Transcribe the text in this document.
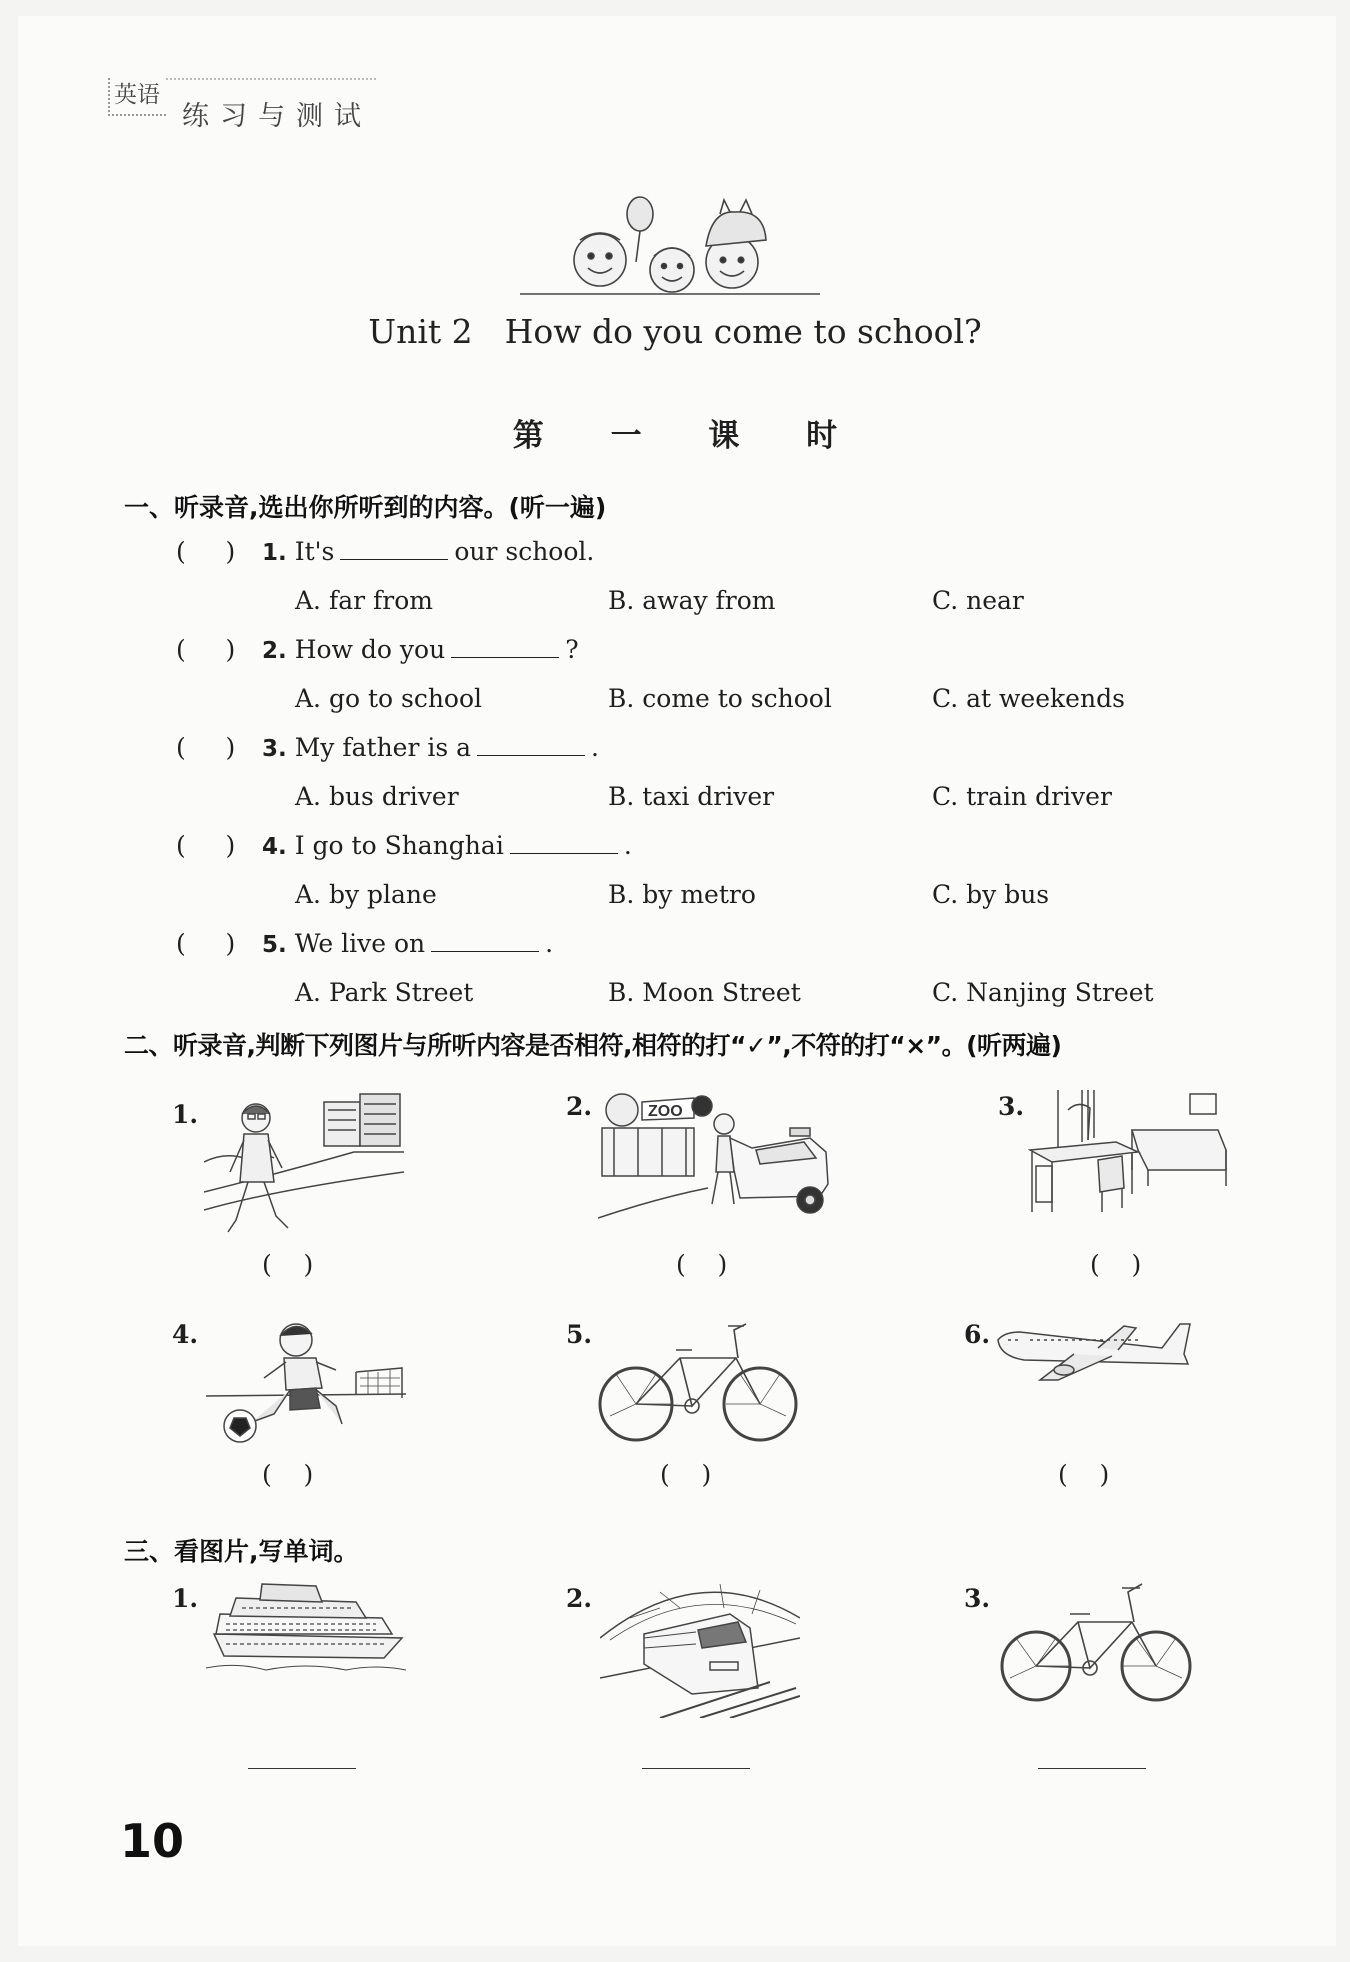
英语
练习与测试
Unit 2 How do you come to school?
第 一 课 时
一、听录音,选出你所听到的内容。(听一遍)
(     ) 1. It's	our school.
A. far from	B. away from	C. near
(     ) 2. How do you	?
A. go to school	B. come to school	C. at weekends
(     ) 3. My father is a	.
A. bus driver	B. taxi driver	C. train driver
(     ) 4. I go to Shanghai	.
A. by plane	B. by metro	C. by bus
(     ) 5. We live on	.
A. Park Street	B. Moon Street	C. Nanjing Street
二、听录音,判断下列图片与所听内容是否相符,相符的打“✓”,不符的打“×”。(听两遍)
1.
(    )
2.	ZOO
(    )
3.
(    )
4.
(    )
5.
(    )
6.
(    )
三、看图片,写单词。
1.	2.	3.
10
